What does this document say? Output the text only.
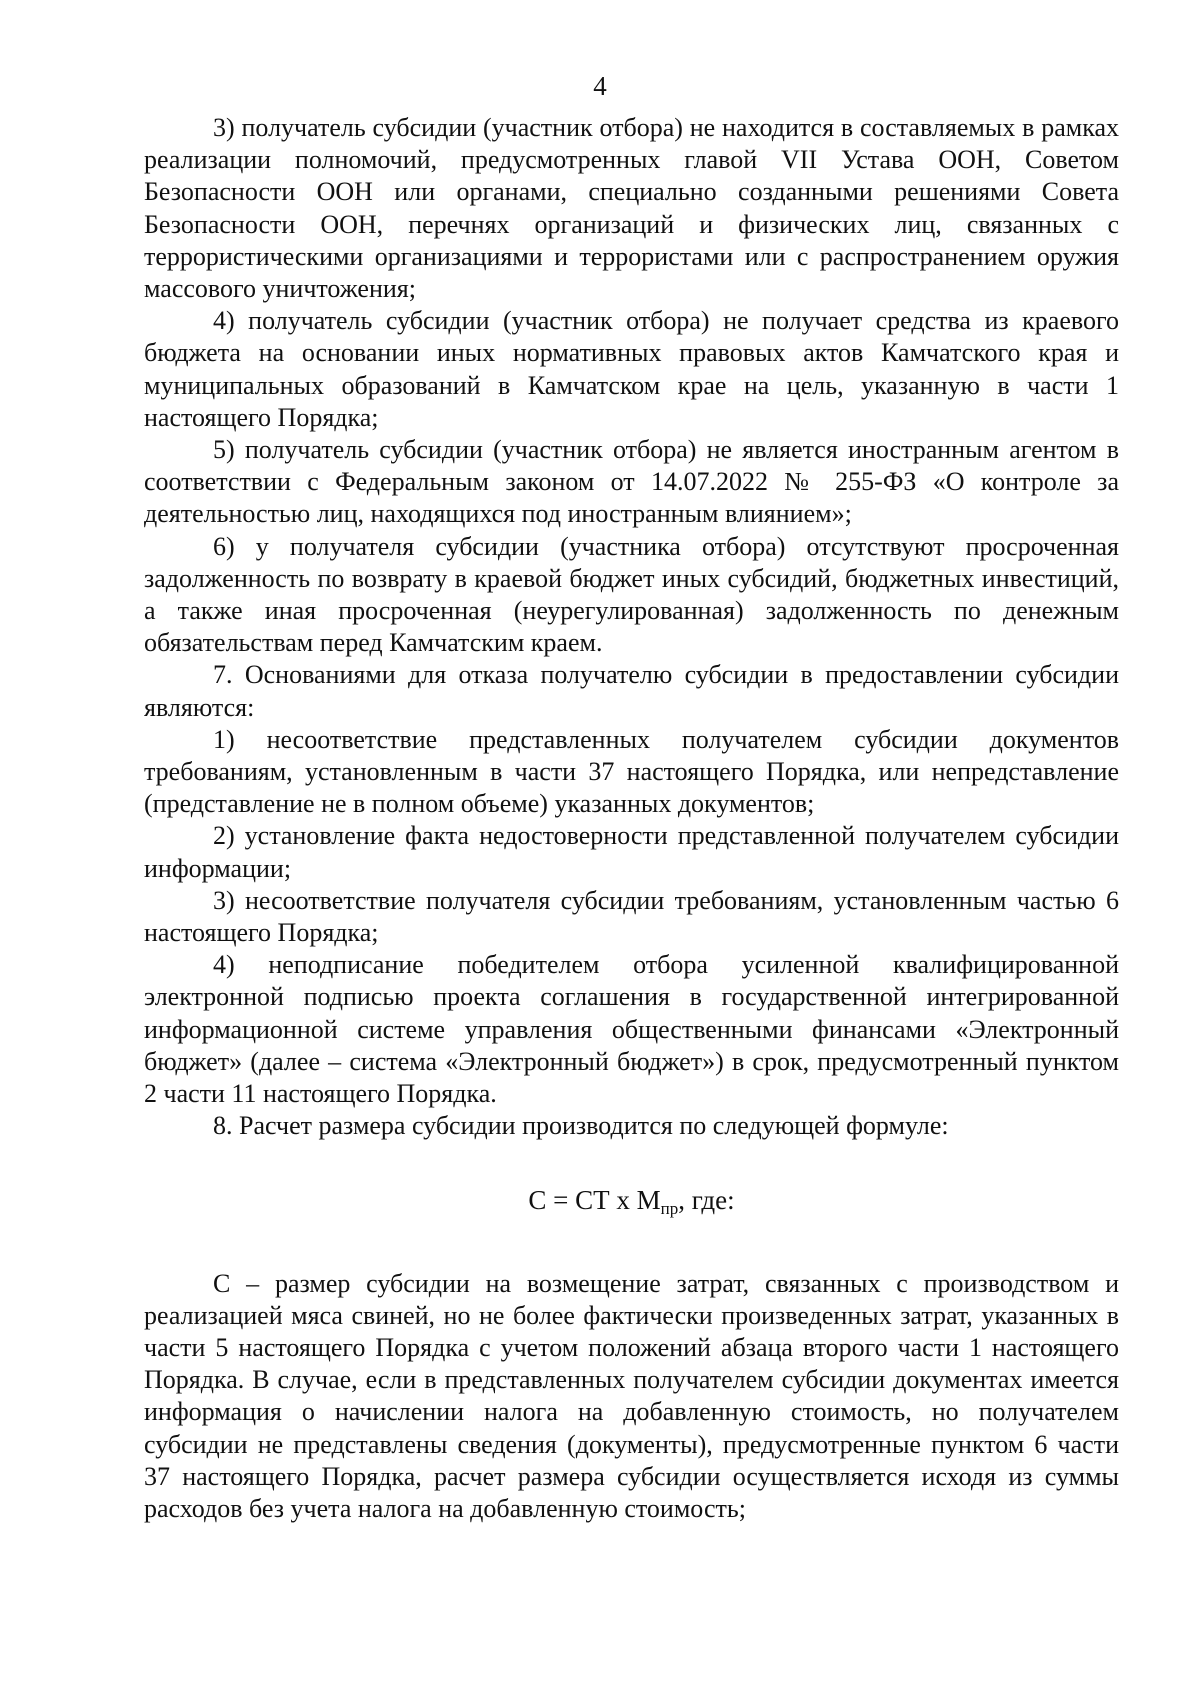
4

3) получатель субсидии (участник отбора) не находится в составляемых в рамках реализации полномочий, предусмотренных главой VII Устава ООН, Советом Безопасности ООН или органами, специально созданными решениями Совета Безопасности ООН, перечнях организаций и физических лиц, связанных с террористическими организациями и террористами или с распространением оружия массового уничтожения;

4) получатель субсидии (участник отбора) не получает средства из краевого бюджета на основании иных нормативных правовых актов Камчатского края и муниципальных образований в Камчатском крае на цель, указанную в части 1 настоящего Порядка;

5) получатель субсидии (участник отбора) не является иностранным агентом в соответствии с Федеральным законом от 14.07.2022 № 255-ФЗ «О контроле за деятельностью лиц, находящихся под иностранным влиянием»;

6) у получателя субсидии (участника отбора) отсутствуют просроченная задолженность по возврату в краевой бюджет иных субсидий, бюджетных инвестиций, а также иная просроченная (неурегулированная) задолженность по денежным обязательствам перед Камчатским краем.

7. Основаниями для отказа получателю субсидии в предоставлении субсидии являются:

1) несоответствие представленных получателем субсидии документов требованиям, установленным в части 37 настоящего Порядка, или непредставление (представление не в полном объеме) указанных документов;

2) установление факта недостоверности представленной получателем субсидии информации;

3) несоответствие получателя субсидии требованиям, установленным частью 6 настоящего Порядка;

4) неподписание победителем отбора усиленной квалифицированной электронной подписью проекта соглашения в государственной интегрированной информационной системе управления общественными финансами «Электронный бюджет» (далее – система «Электронный бюджет») в срок, предусмотренный пунктом 2 части 11 настоящего Порядка.

8. Расчет размера субсидии производится по следующей формуле:

С = СТ х $М_{пр}$, где:

С – размер субсидии на возмещение затрат, связанных с производством и реализацией мяса свиней, но не более фактически произведенных затрат, указанных в части 5 настоящего Порядка с учетом положений абзаца второго части 1 настоящего Порядка. В случае, если в представленных получателем субсидии документах имеется информация о начислении налога на добавленную стоимость, но получателем субсидии не представлены сведения (документы), предусмотренные пунктом 6 части 37 настоящего Порядка, расчет размера субсидии осуществляется исходя из суммы расходов без учета налога на добавленную стоимость;
